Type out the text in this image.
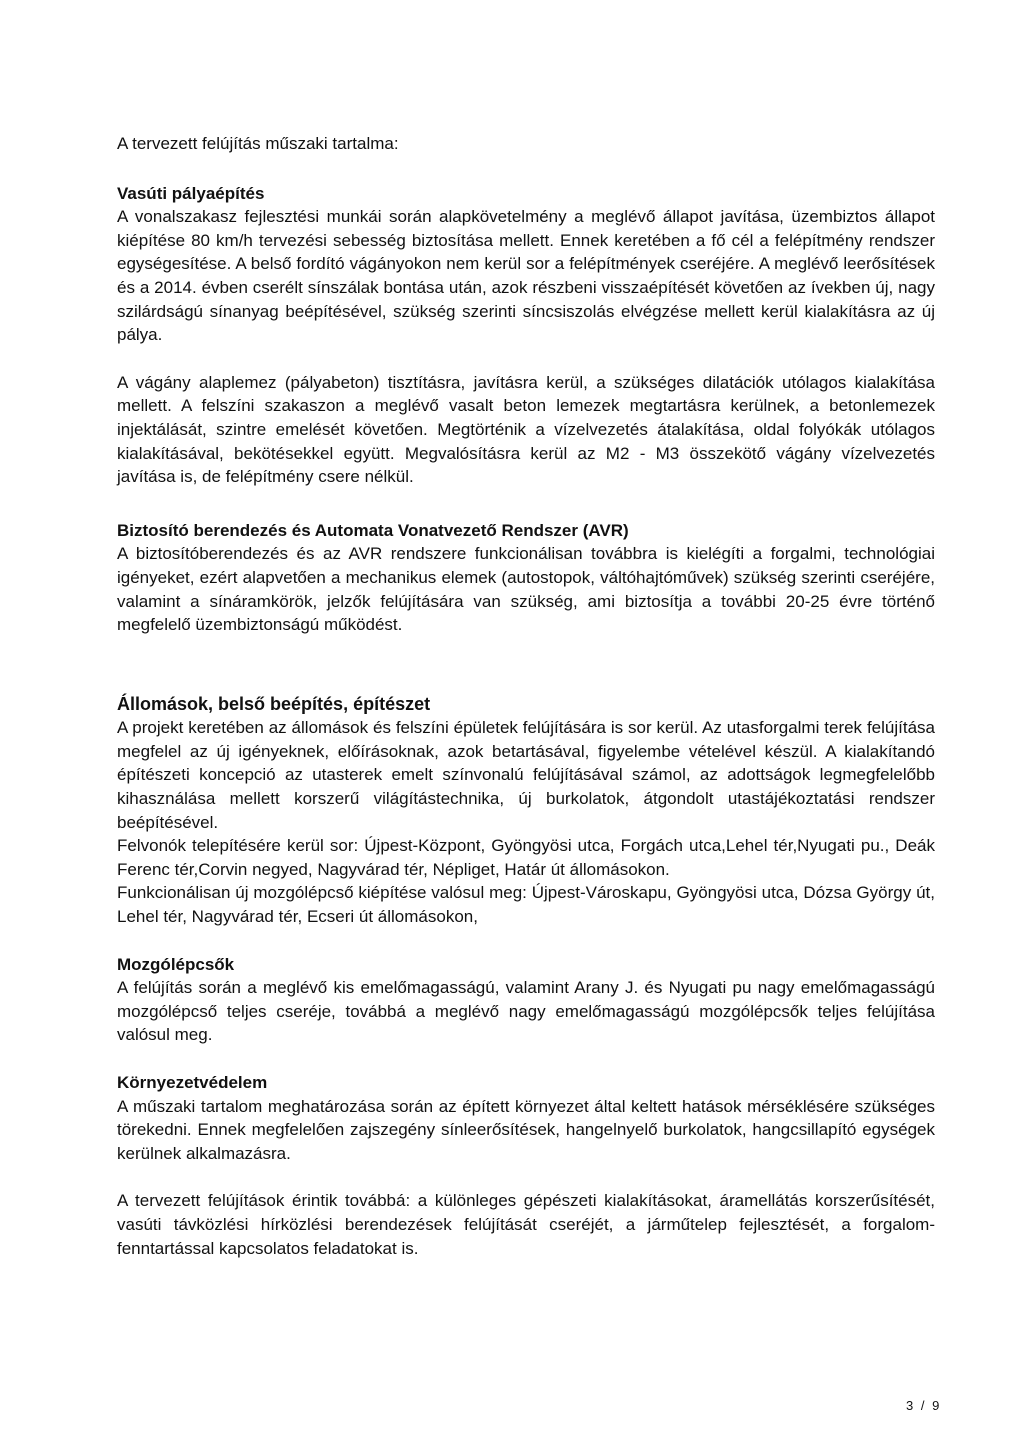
A tervezett felújítás műszaki tartalma:

Vasúti pályaépítés

A vonalszakasz fejlesztési munkái során alapkövetelmény a meglévő állapot javítása, üzembiztos állapot kiépítése 80 km/h tervezési sebesség biztosítása mellett. Ennek keretében a fő cél a felépítmény rendszer egységesítése. A belső fordító vágányokon nem kerül sor a felépítmények cseréjére. A meglévő leerősítések és a 2014. évben cserélt sínszálak bontása után, azok részbeni visszaépítését követően az ívekben új, nagy szilárdságú sínanyag beépítésével, szükség szerinti síncsiszolás elvégzése mellett kerül kialakításra az új pálya.

A vágány alaplemez (pályabeton) tisztításra, javításra kerül, a szükséges dilatációk utólagos kialakítása mellett. A felszíni szakaszon a meglévő vasalt beton lemezek megtartásra kerülnek, a betonlemezek injektálását, szintre emelését követően. Megtörténik a vízelvezetés átalakítása, oldal folyókák utólagos kialakításával, bekötésekkel együtt. Megvalósításra kerül az M2 - M3 összekötő vágány vízelvezetés javítása is, de felépítmény csere nélkül.

Biztosító berendezés és Automata Vonatvezető Rendszer (AVR)

A biztosítóberendezés és az AVR rendszere funkcionálisan továbbra is kielégíti a forgalmi, technológiai igényeket, ezért alapvetően a mechanikus elemek (autostopok, váltóhajtóművek) szükség szerinti cseréjére, valamint a sínáramkörök, jelzők felújítására van szükség, ami biztosítja a további 20-25 évre történő megfelelő üzembiztonságú működést.

Állomások, belső beépítés, építészet

A projekt keretében az állomások és felszíni épületek felújítására is sor kerül. Az utasforgalmi terek felújítása megfelel az új igényeknek, előírásoknak, azok betartásával, figyelembe vételével készül. A kialakítandó építészeti koncepció az utasterek emelt színvonalú felújításával számol, az adottságok legmegfelelőbb kihasználása mellett korszerű világítástechnika, új burkolatok, átgondolt utastájékoztatási rendszer beépítésével.

Felvonók telepítésére kerül sor: Újpest-Központ, Gyöngyösi utca, Forgách utca,Lehel tér,Nyugati pu., Deák Ferenc tér,Corvin negyed, Nagyvárad tér, Népliget, Határ út állomásokon.

Funkcionálisan új mozgólépcső kiépítése valósul meg: Újpest-Városkapu, Gyöngyösi utca, Dózsa György út, Lehel tér, Nagyvárad tér, Ecseri út állomásokon,

Mozgólépcsők

A felújítás során a meglévő kis emelőmagasságú, valamint Arany J. és Nyugati pu nagy emelőmagasságú mozgólépcső teljes cseréje, továbbá a meglévő nagy emelőmagasságú mozgólépcsők teljes felújítása valósul meg.

Környezetvédelem

A műszaki tartalom meghatározása során az épített környezet által keltett hatások mérséklésére szükséges törekedni. Ennek megfelelően zajszegény sínleerősítések, hangelnyelő burkolatok, hangcsillapító egységek kerülnek alkalmazásra.

A tervezett felújítások érintik továbbá: a különleges gépészeti kialakításokat, áramellátás korszerűsítését, vasúti távközlési hírközlési berendezések felújítását cseréjét, a járműtelep fejlesztését, a forgalom-fenntartással kapcsolatos feladatokat is.

3 / 9
